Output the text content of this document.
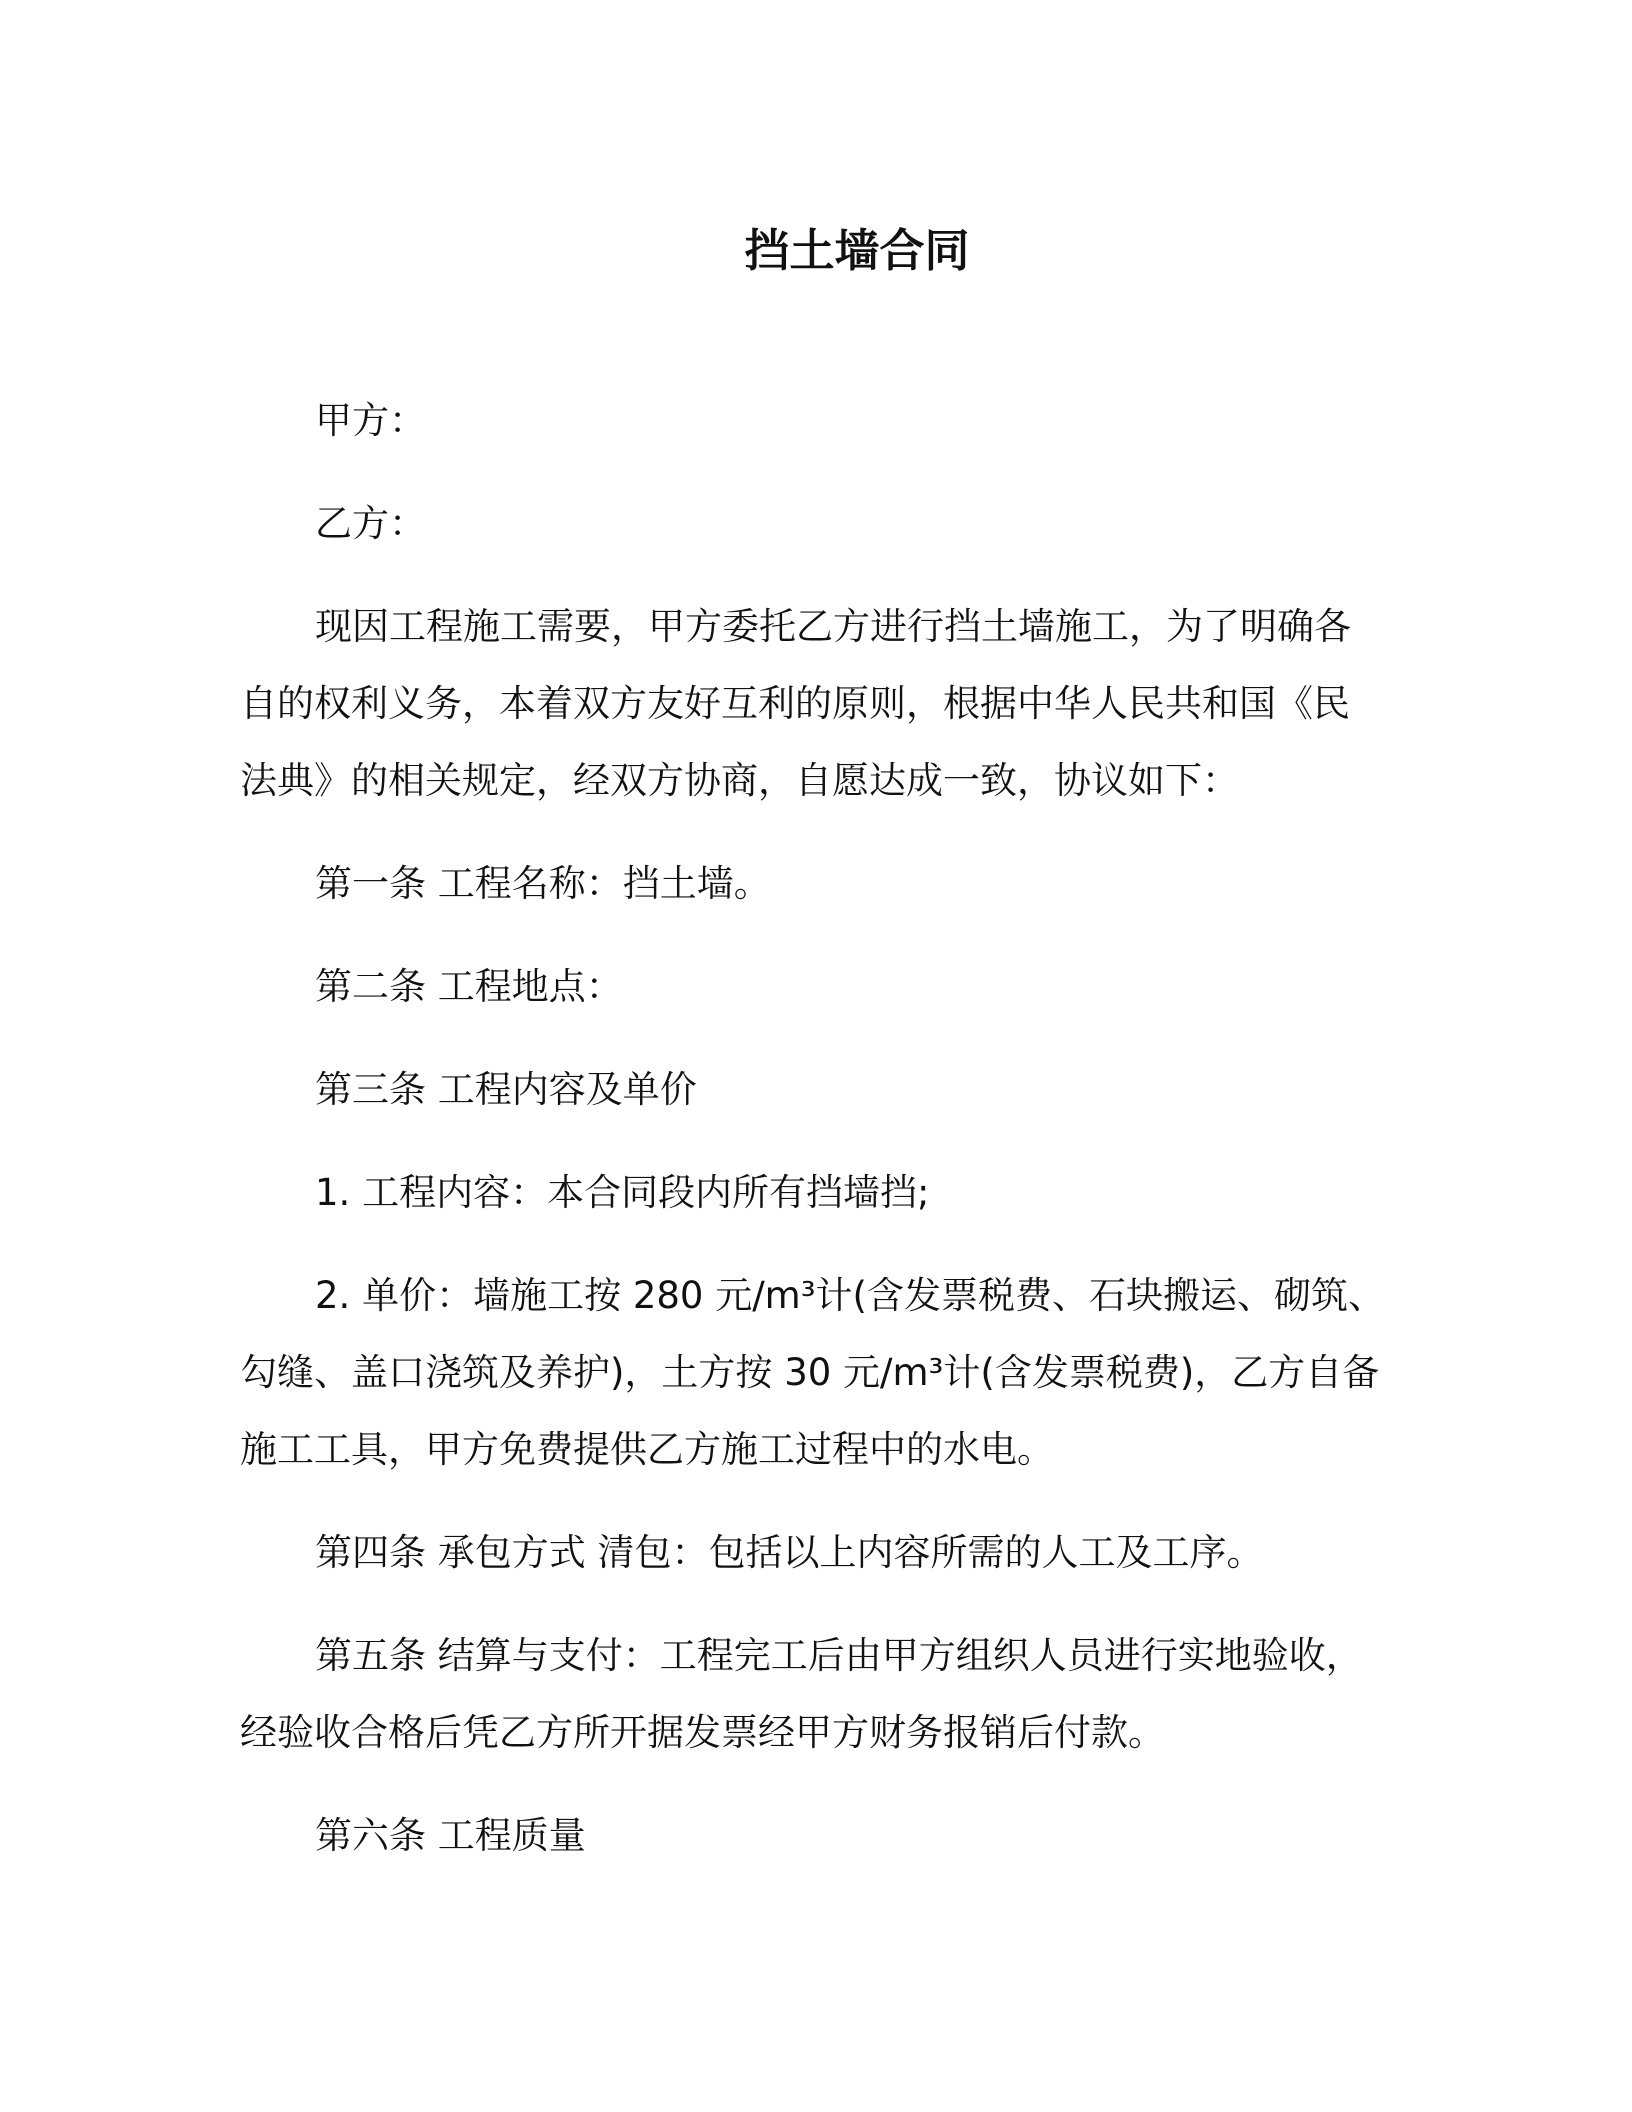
挡土墙合同

甲方：

乙方：

现因工程施工需要，甲方委托乙方进行挡土墙施工，为了明确各
自的权利义务，本着双方友好互利的原则，根据中华人民共和国《民
法典》的相关规定，经双方协商，自愿达成一致，协议如下：

第一条 工程名称：挡土墙。

第二条 工程地点：

第三条 工程内容及单价

1. 工程内容：本合同段内所有挡墙挡;

2. 单价：墙施工按 280 元/m³计(含发票税费、石块搬运、砌筑、
勾缝、盖口浇筑及养护)，土方按 30 元/m³计(含发票税费)，乙方自备
施工工具，甲方免费提供乙方施工过程中的水电。

第四条 承包方式 清包：包括以上内容所需的人工及工序。

第五条 结算与支付：工程完工后由甲方组织人员进行实地验收，
经验收合格后凭乙方所开据发票经甲方财务报销后付款。

第六条 工程质量
